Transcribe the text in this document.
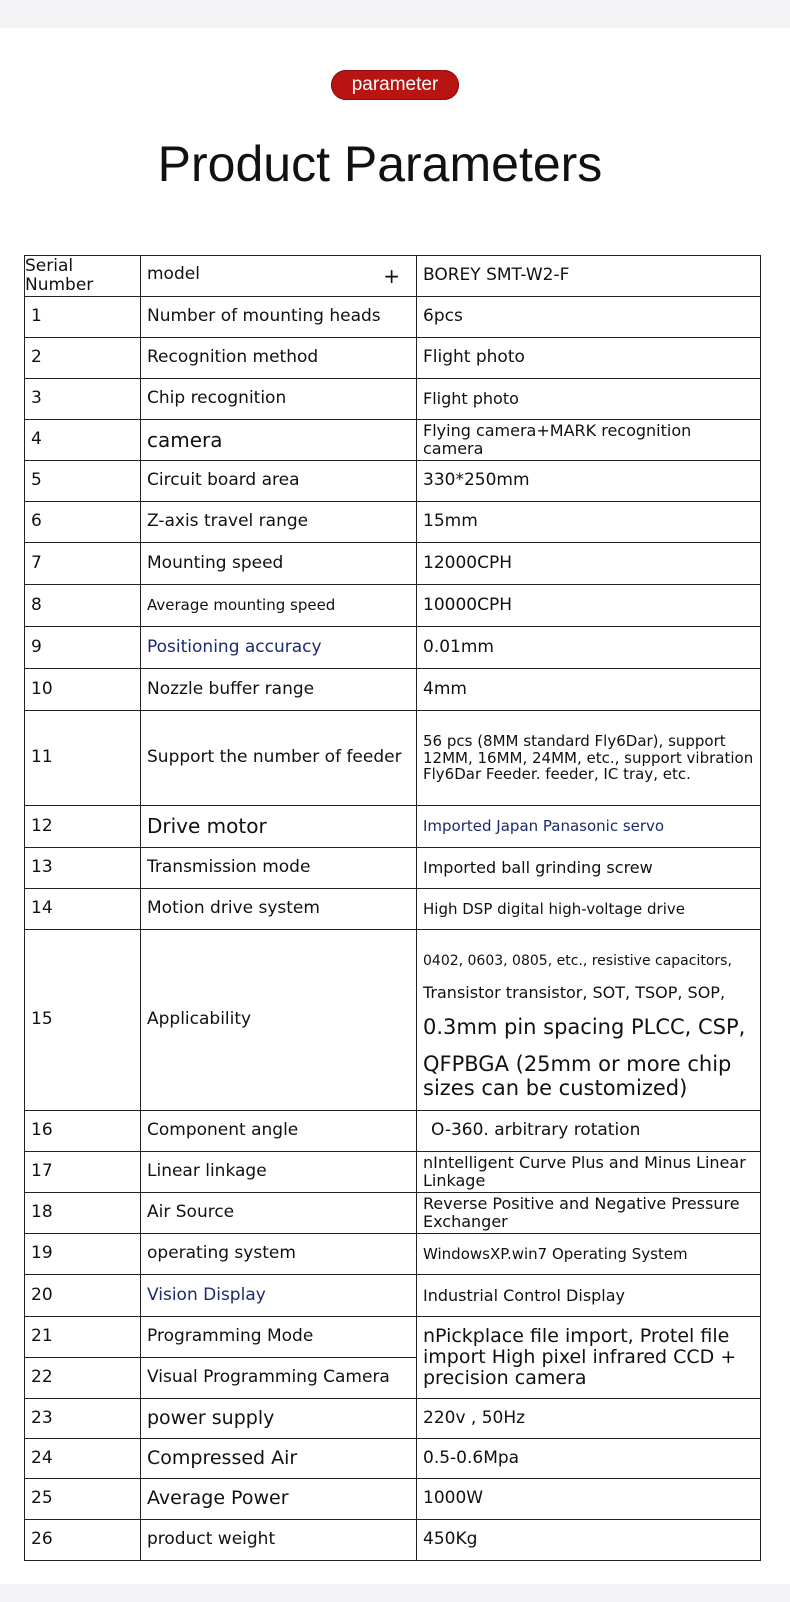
parameter
Product Parameters
Serial Number	model +	BOREY SMT-W2-F
1	Number of mounting heads	6pcs
2	Recognition method	Flight photo
3	Chip recognition	Flight photo
4	camera	Flying camera+MARK recognition camera
5	Circuit board area	330*250mm
6	Z-axis travel range	15mm
7	Mounting speed	12000CPH
8	Average mounting speed	10000CPH
9	Positioning accuracy	0.01mm
10	Nozzle buffer range	4mm
11	Support the number of feeder	56 pcs (8MM standard Fly6Dar), support 12MM, 16MM, 24MM, etc., support vibration Fly6Dar Feeder. feeder, IC tray, etc.
12	Drive motor	Imported Japan Panasonic servo
13	Transmission mode	Imported ball grinding screw
14	Motion drive system	High DSP digital high-voltage drive
15	Applicability	0402, 0603, 0805, etc., resistive capacitors,
Transistor transistor, SOT, TSOP, SOP,
0.3mm pin spacing PLCC, CSP,
QFPBGA (25mm or more chip sizes can be customized)

16	Component angle	O-360. arbitrary rotation
17	Linear linkage	nIntelligent Curve Plus and Minus Linear Linkage
18	Air Source	Reverse Positive and Negative Pressure Exchanger
19	operating system	WindowsXP.win7 Operating System
20	Vision Display	Industrial Control Display
21	Programming Mode	nPickplace file import, Protel file import High pixel infrared CCD + precision camera
22	Visual Programming Camera	
23	power supply	220v , 50Hz
24	Compressed Air	0.5-0.6Mpa
25	Average Power	1000W
26	product weight	450Kg
